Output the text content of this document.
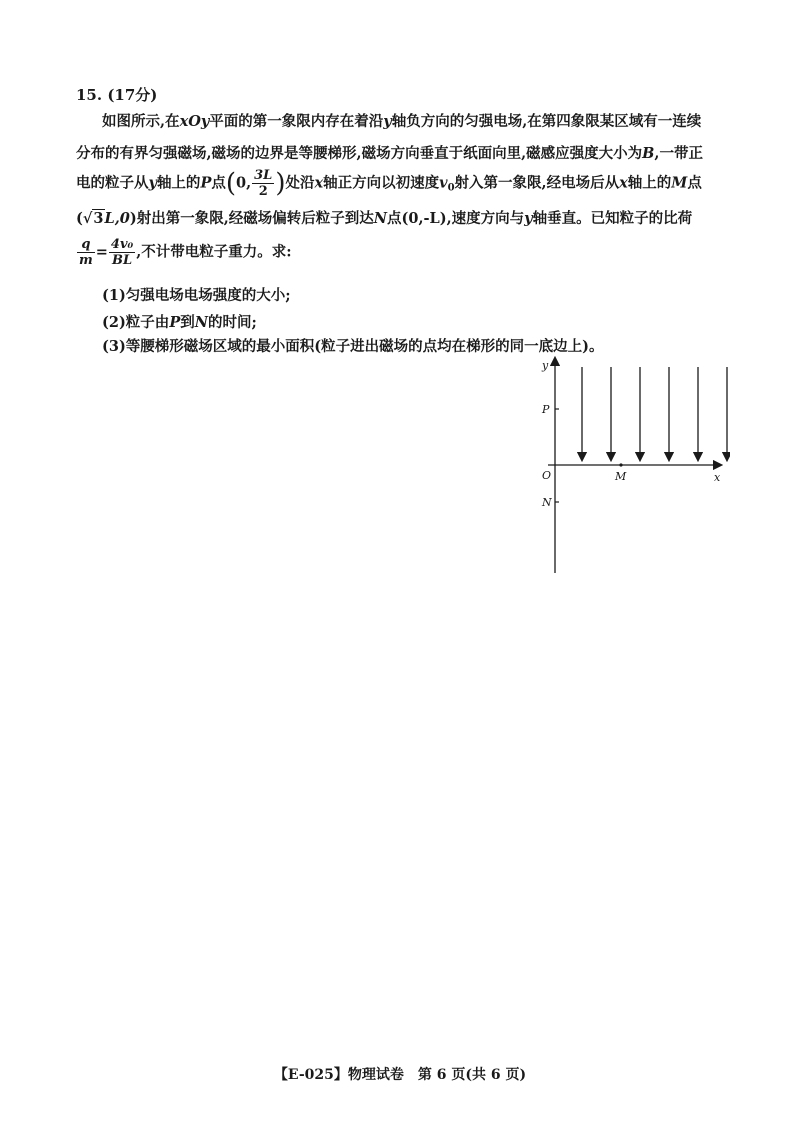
15. (17分)
如图所示,在xOy平面的第一象限内存在着沿y轴负方向的匀强电场,在第四象限某区域有一连续
分布的有界匀强磁场,磁场的边界是等腰梯形,磁场方向垂直于纸面向里,磁感应强度大小为B,一带正
电的粒子从y轴上的P点(0, $\frac{3L}{2}$ )处沿x轴正方向以初速度$v_0$射入第一象限,经电场后从x轴上的M点
(√3L,0)射出第一象限,经磁场偏转后粒子到达N点(0,-L),速度方向与y轴垂直。已知粒子的比荷
$\frac{q}{m} = \frac{\text{4v₀}}{BL}$ ,不计带电粒子重力。求:
(1)匀强电场电场强度的大小;
(2)粒子由P到N的时间;
(3)等腰梯形磁场区域的最小面积(粒子进出磁场的点均在梯形的同一底边上)。
y
x
O
P
M
N
【E-025】物理试卷　第 6 页(共 6 页)
